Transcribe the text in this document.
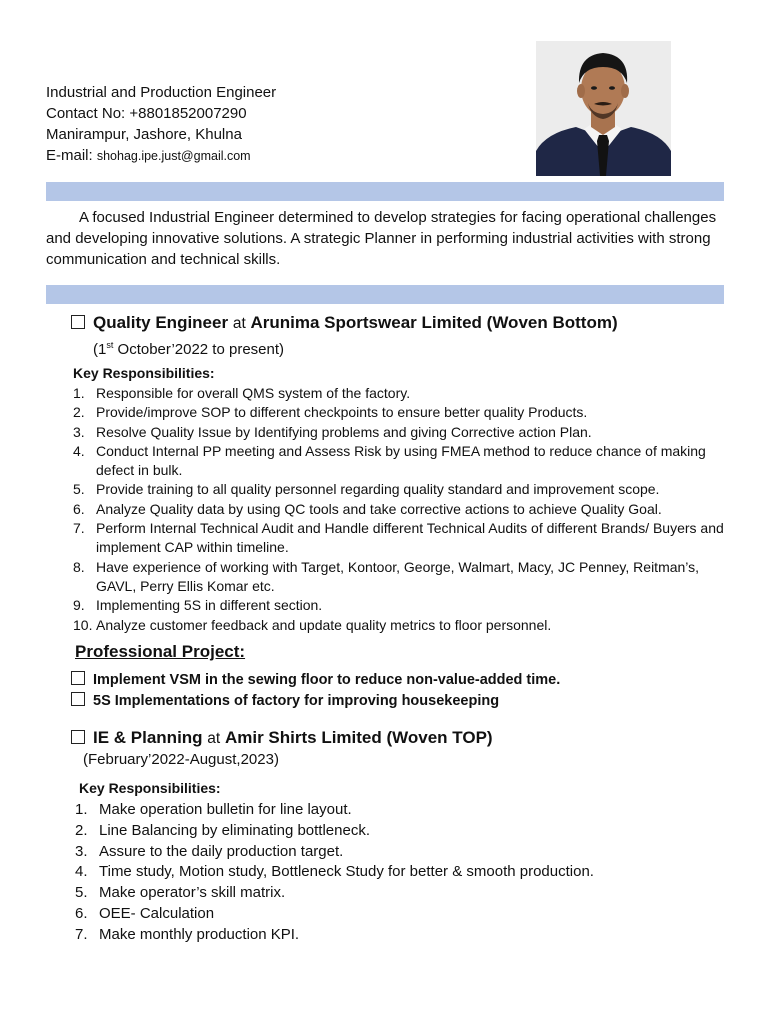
Industrial and Production Engineer
Contact No: +8801852007290
Manirampur, Jashore, Khulna
E-mail: shohag.ipe.just@gmail.com

A focused Industrial Engineer determined to develop strategies for facing operational challenges and developing innovative solutions. A strategic Planner in performing industrial activities with strong communication and technical skills.

Quality Engineer at Arunima Sportswear Limited (Woven Bottom)
(1st October’2022 to present)
Key Responsibilities:
1. Responsible for overall QMS system of the factory.
2. Provide/improve SOP to different checkpoints to ensure better quality Products.
3. Resolve Quality Issue by Identifying problems and giving Corrective action Plan.
4. Conduct Internal PP meeting and Assess Risk by using FMEA method to reduce chance of making defect in bulk.
5. Provide training to all quality personnel regarding quality standard and improvement scope.
6. Analyze Quality data by using QC tools and take corrective actions to achieve Quality Goal.
7. Perform Internal Technical Audit and Handle different Technical Audits of different Brands/ Buyers and implement CAP within timeline.
8. Have experience of working with Target, Kontoor, George, Walmart, Macy, JC Penney, Reitman’s, GAVL, Perry Ellis Komar etc.
9. Implementing 5S in different section.
10. Analyze customer feedback and update quality metrics to floor personnel.
Professional Project:
Implement VSM in the sewing floor to reduce non-value-added time.
5S Implementations of factory for improving housekeeping
IE & Planning at Amir Shirts Limited (Woven TOP)
(February’2022-August,2023)
Key Responsibilities:
1. Make operation bulletin for line layout.
2. Line Balancing by eliminating bottleneck.
3. Assure to the daily production target.
4. Time study, Motion study, Bottleneck Study for better & smooth production.
5. Make operator’s skill matrix.
6. OEE- Calculation
7. Make monthly production KPI.
